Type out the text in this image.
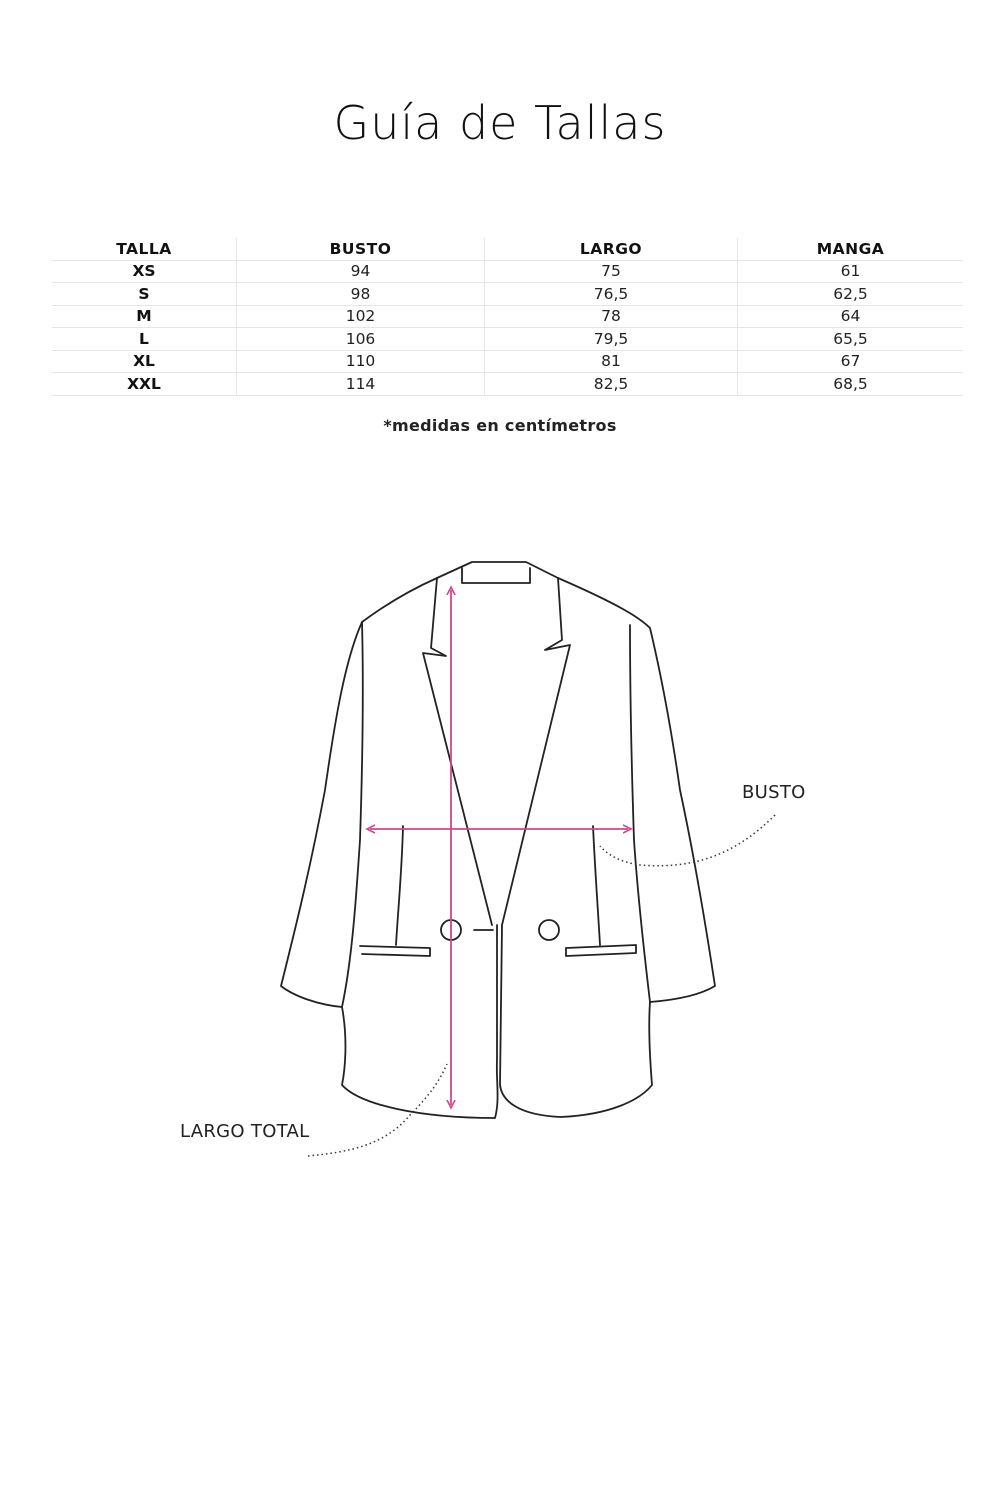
Guía de Tallas
TALLA	BUSTO	LARGO	MANGA
XS	94	75	61
S	98	76,5	62,5
M	102	78	64
L	106	79,5	65,5
XL	110	81	67
XXL	114	82,5	68,5
*medidas en centímetros
BUSTO
LARGO TOTAL
